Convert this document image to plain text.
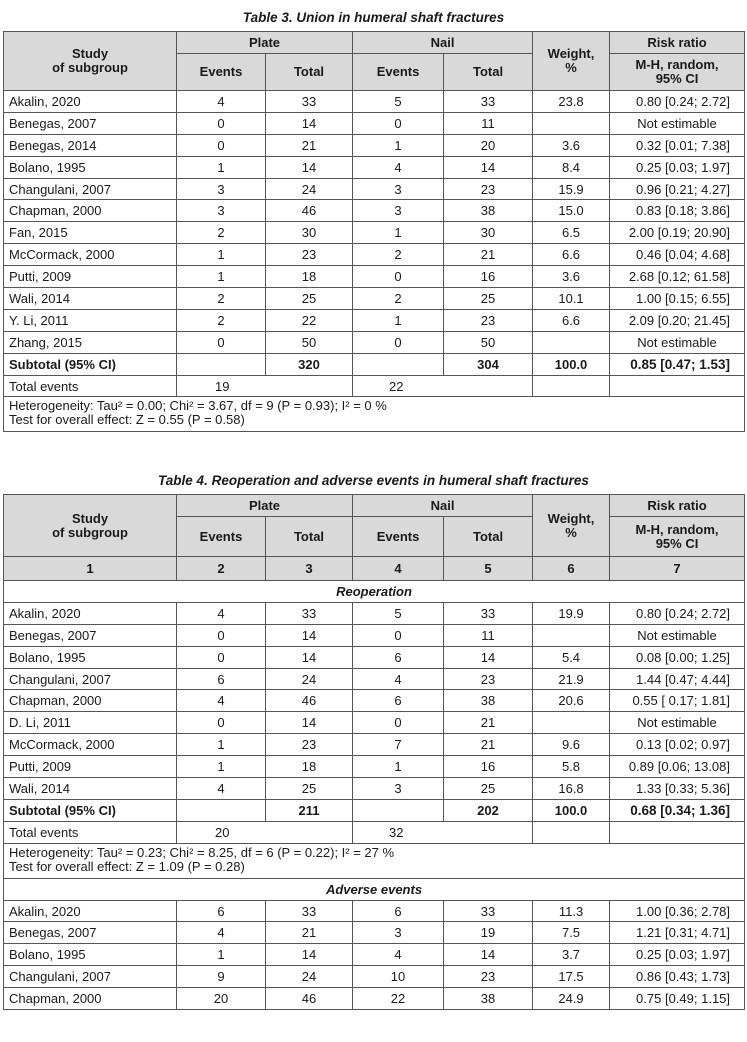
Table 3. Union in humeral shaft fractures
Study
of subgroup	Plate		Nail		Weight,
%	Risk ratio
	Events	Total	Events	Total		M-H, random,
95% CI
Akalin, 2020	4	33	5	33	23.8	0.80 [0.24; 2.72]
Benegas, 2007	0	14	0	11		Not estimable
Benegas, 2014	0	21	1	20	3.6	0.32 [0.01; 7.38]
Bolano, 1995	1	14	4	14	8.4	0.25 [0.03; 1.97]
Changulani, 2007	3	24	3	23	15.9	0.96 [0.21; 4.27]
Chapman, 2000	3	46	3	38	15.0	0.83 [0.18; 3.86]
Fan, 2015	2	30	1	30	6.5	2.00 [0.19; 20.90]
McCormack, 2000	1	23	2	21	6.6	0.46 [0.04; 4.68]
Putti, 2009	1	18	0	16	3.6	2.68 [0.12; 61.58]
Wali, 2014	2	25	2	25	10.1	1.00 [0.15; 6.55]
Y. Li, 2011	2	22	1	23	6.6	2.09 [0.20; 21.45]
Zhang, 2015	0	50	0	50		Not estimable
Subtotal (95% CI)		320		304	100.0	0.85 [0.47; 1.53]
Total events	19		22			

Heterogeneity: Tau² = 0.00; Chi² = 3.67, df = 9 (P = 0.93); I² = 0 %
Test for overall effect: Z = 0.55 (P = 0.58)						
Table 4. Reoperation and adverse events in humeral shaft fractures
Study
of subgroup	Plate		Nail		Weight,
%	Risk ratio
	Events	Total	Events	Total		M-H, random,
95% CI
1	2	3	4	5	6	7
Reoperation						
Akalin, 2020	4	33	5	33	19.9	0.80 [0.24; 2.72]
Benegas, 2007	0	14	0	11		Not estimable
Bolano, 1995	0	14	6	14	5.4	0.08 [0.00; 1.25]
Changulani, 2007	6	24	4	23	21.9	1.44 [0.47; 4.44]
Chapman, 2000	4	46	6	38	20.6	0.55 [ 0.17; 1.81]
D. Li, 2011	0	14	0	21		Not estimable
McCormack, 2000	1	23	7	21	9.6	0.13 [0.02; 0.97]
Putti, 2009	1	18	1	16	5.8	0.89 [0.06; 13.08]
Wali, 2014	4	25	3	25	16.8	1.33 [0.33; 5.36]
Subtotal (95% CI)		211		202	100.0	0.68 [0.34; 1.36]
Total events	20		32			

Heterogeneity: Tau² = 0.23; Chi² = 8.25, df = 6 (P = 0.22); I² = 27 %
Test for overall effect: Z = 1.09 (P = 0.28)						

Adverse events						
Akalin, 2020	6	33	6	33	11.3	1.00 [0.36; 2.78]
Benegas, 2007	4	21	3	19	7.5	1.21 [0.31; 4.71]
Bolano, 1995	1	14	4	14	3.7	0.25 [0.03; 1.97]
Changulani, 2007	9	24	10	23	17.5	0.86 [0.43; 1.73]
Chapman, 2000	20	46	22	38	24.9	0.75 [0.49; 1.15]
